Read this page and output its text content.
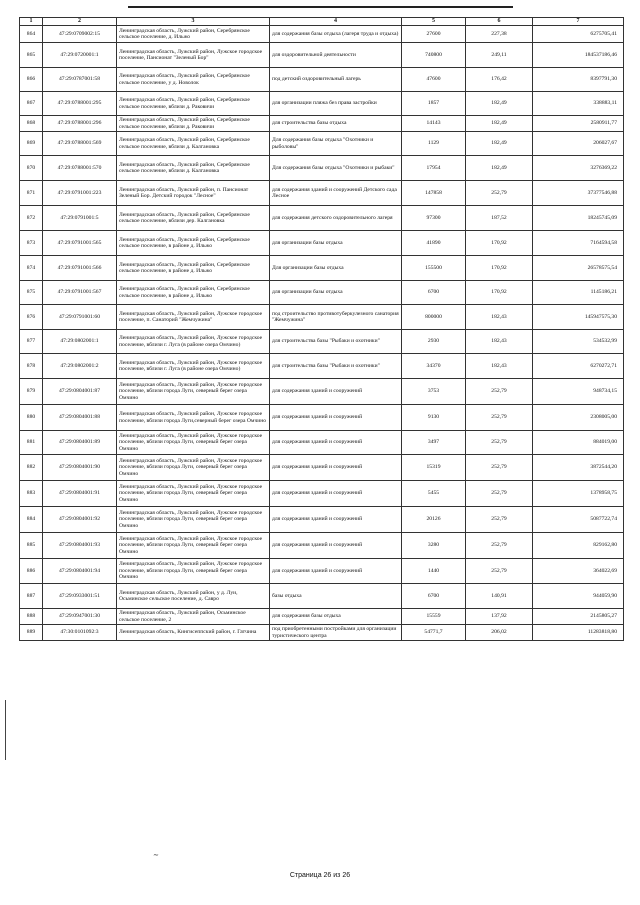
1	2	3	4	5	6	7
864	47:29:0709002:15	Ленинградская область, Лужский район, Серебрянское сельское поселение, д. Ильжо	для содержания базы отдыха (лагеря труда и отдыха)	27600	227,38	6275705,41
865	47:29:0720001:1	Ленинградская область, Лужский район, Лужское городское поселение, Пансионат "Зеленый Бор"	для оздоровительной деятельности	740800	249,11	184537186,46
866	47:29:0787001:58	Ленинградская область, Лужский район, Серебрянское сельское поселение, у д. Новолок	под детский оздоровительный лагерь	47600	176,42	8397791,30
867	47:29:0788001:295	Ленинградская область, Лужский район, Серебрянское сельское поселение, вблизи д. Раковичи	для организации пляжа без права застройки	1857	182,49	338883,11
868	47:29:0788001:296	Ленинградская область, Лужский район, Серебрянское сельское поселение, вблизи д. Раковичи	для строительства базы отдыха	14143	182,49	2580911,77
869	47:29:0788001:569	Ленинградская область, Лужский район, Серебрянское сельское поселение, вблизи д. Калгановка	Для содержания базы отдыха "Охотники и рыболовы"	1129	182,49	206027,67
870	47:29:0788001:570	Ленинградская область, Лужский район, Серебрянское сельское поселение, вблизи д. Калгановка	Для содержания базы отдыха "Охотники и рыбаки"	17954	182,49	3276369,22
871	47:29:0791001:223	Ленинградская область, Лужский район, п. Пансионат Зеленый Бор. Детский городок "Лесное"	для содержания зданий и сооружений Детского сада Лесное	147858	252,79	37377546,88
872	47:29:0791001:5	Ленинградская область, Лужский район, Серебрянское сельское поселение, вблизи дер. Калгановка	для содержания детского оздоровительного лагеря	97300	187,52	18245745,09
873	47:29:0791001:565	Ленинградская область, Лужский район, Серебрянское сельское поселение, в районе д. Ильжо	для организации базы отдыха	41890	170,92	7164594,58
874	47:29:0791001:566	Ленинградская область, Лужский район, Серебрянское сельское поселение, в районе д. Ильжо	Для организации базы отдыха	155500	170,92	26578575,54
875	47:29:0791001:567	Ленинградская область, Лужский район, Серебрянское сельское поселение, в районе д. Ильжо	для организации базы отдыха	6700	170,92	1145186,21
876	47:29:0791001:60	Ленинградская область, Лужский район, Лужское городское поселение, п. Санаторий "Жемчужина"	под строительство противотуберкулезного санатория "Жемчужина"	800000	182,43	145947575,30
877	47:29:0802001:1	Ленинградская область, Лужский район, Лужское городское поселение, вблизи г. Луга (в районе озера Омчино)	для строительства базы "Рыбаки и охотники"	2930	182,43	534532,99
878	47:29:0802001:2	Ленинградская область, Лужский район, Лужское городское поселение, вблизи г. Луга (в районе озера Омчино)	для строительства базы "Рыбаки и охотники"	34370	182,43	6270272,71
879	47:29:0804001:87	Ленинградская область, Лужский район, Лужское городское поселение, вблизи города Луги, северный берег озера Омчино	для содержания зданий и сооружений	3753	252,79	948734,15
880	47:29:0804001:88	Ленинградская область, Лужский район, Лужское городское поселение, вблизи города Луги,северный берег озера Омчино	для содержания зданий и сооружений	9130	252,79	2308005,00
881	47:29:0804001:89	Ленинградская область, Лужский район, Лужское городское поселение, вблизи города Луги, северный берег озера Омчино	для содержания зданий и сооружений	3497	252,79	884019,00
882	47:29:0804001:90	Ленинградская область, Лужский район, Лужское городское поселение, вблизи города Луги, северный берег озера Омчино	для содержания зданий и сооружений	15319	252,79	3872544,20
883	47:29:0804001:91	Ленинградская область, Лужский район, Лужское городское поселение, вблизи города Луги, северный берег озера Омчино	для содержания зданий и сооружений	5455	252,79	1378958,75
884	47:29:0804001:92	Ленинградская область, Лужский район, Лужское городское поселение, вблизи города Луги, северный берег озера Омчино	для содержания зданий и сооружений	20126	252,79	5087722,74
885	47:29:0804001:93	Ленинградская область, Лужский район, Лужское городское поселение, вблизи города Луги, северный берег озера Омчино	для содержания зданий и сооружений	3280	252,79	829162,80
886	47:29:0804001:94	Ленинградская область, Лужский район, Лужское городское поселение, вблизи города Луги, северный берег озера Омчино	для содержания зданий и сооружений	1440	252,79	364022,69
887	47:29:0933001:51	Ленинградская область, Лужский район, у д. Луи, Осьминское сельское поселение, д. Савро	базы отдыха	6700	140,91	944059,90
888	47:29:0947001:30	Ленинградская область, Лужский район, Осьминское сельское поселение, 2	для содержания базы отдыха	15559	137,92	2145805,27
889	47:30:0101092:3	Ленинградская область, Кингисеппский район, г. Гатчина	под приобретенными постройками для организации туристического центра	54771,7	206,02	11283818,80
∼
Страница 26 из 26
